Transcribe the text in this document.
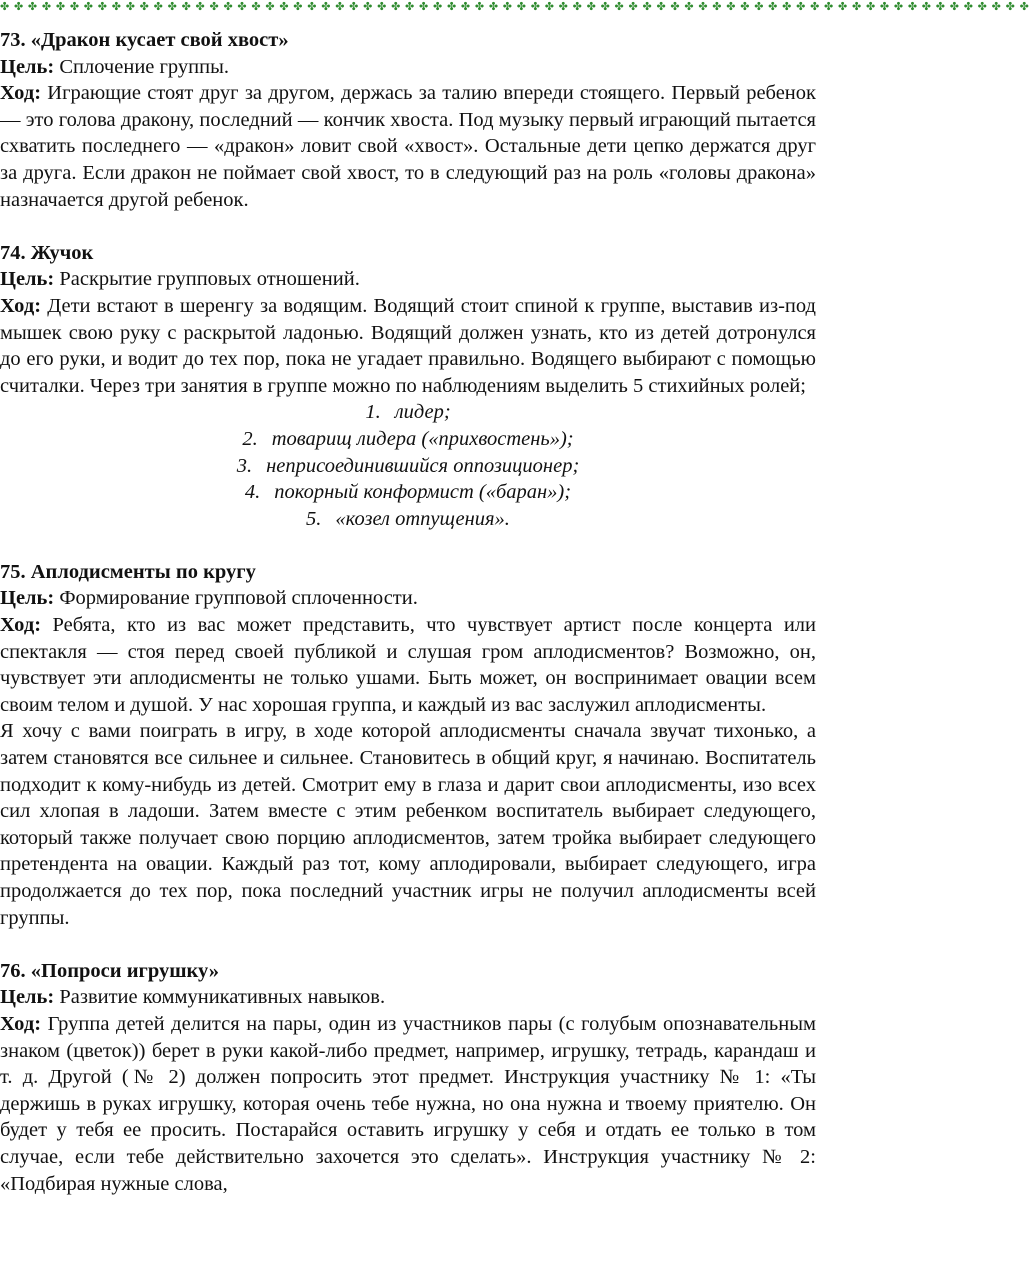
✤ ✤ ✤ ✤ ✤ ✤ ✤ ✤ ✤ ✤ ✤ ✤ ✤ ✤ ✤ ✤ ✤ ✤ ✤ ✤ ✤ ✤ ✤ ✤ ✤ ✤ ✤ ✤ ✤ ✤ ✤ ✤ ✤ ✤ ✤ ✤ ✤ ✤ ✤ ✤ ✤ ✤ ✤ ✤ ✤ ✤ ✤ ✤ ✤ ✤ ✤ ✤ ✤ ✤ ✤ ✤ ✤ ✤ ✤ ✤ ✤ ✤ ✤ ✤ ✤ ✤ ✤ ✤ ✤ ✤ ✤ ✤ ✤ ✤
73. «Дракон кусает свой хвост»

Цель: Сплочение группы.

Ход: Играющие стоят друг за другом, держась за талию впереди стоящего. Первый ребенок — это голова дракону, последний — кончик хвоста. Под музыку первый играющий пытается схватить последнего — «дракон» ловит свой «хвост». Остальные дети цепко держатся друг за друга. Если дракон не поймает свой хвост, то в следующий раз на роль «головы дракона» назначается другой ребенок.

74. Жучок

Цель: Раскрытие групповых отношений.

Ход: Дети встают в шеренгу за водящим. Водящий стоит спиной к группе, выставив из-под мышек свою руку с раскрытой ладонью. Водящий должен узнать, кто из детей дотронулся до его руки, и водит до тех пор, пока не угадает правильно. Водящего выбирают с помощью считалки. Через три занятия в группе можно по наблюдениям выделить 5 стихийных ролей;

1. лидер;
2. товарищ лидера («прихвостень»);
3. неприсоединившийся оппозиционер;
4. покорный конформист («баран»);
5. «козел отпущения».
75. Аплодисменты по кругу

Цель: Формирование групповой сплоченности.

Ход: Ребята, кто из вас может представить, что чувствует артист после концерта или спектакля — стоя перед своей публикой и слушая гром аплодисментов? Возможно, он, чувствует эти аплодисменты не только ушами. Быть может, он воспринимает овации всем своим телом и душой. У нас хорошая группа, и каждый из вас заслужил аплодисменты.

Я хочу с вами поиграть в игру, в ходе которой аплодисменты сначала звучат тихонько, а затем становятся все сильнее и сильнее. Становитесь в общий круг, я начинаю. Воспитатель подходит к кому-нибудь из детей. Смотрит ему в глаза и дарит свои аплодисменты, изо всех сил хлопая в ладоши. Затем вместе с этим ребенком воспитатель выбирает следующего, который также получает свою порцию аплодисментов, затем тройка выбирает следующего претендента на овации. Каждый раз тот, кому аплодировали, выбирает следующего, игра продолжается до тех пор, пока последний участник игры не получил аплодисменты всей группы.

76. «Попроси игрушку»

Цель: Развитие коммуникативных навыков.

Ход: Группа детей делится на пары, один из участников пары (с голубым опознавательным знаком (цветок)) берет в руки какой-либо предмет, например, игрушку, тетрадь, карандаш и т. д. Другой (№ 2) должен попросить этот предмет. Инструкция участнику № 1: «Ты держишь в руках игрушку, которая очень тебе нужна, но она нужна и твоему приятелю. Он будет у тебя ее просить. Постарайся оставить игрушку у себя и отдать ее только в том случае, если тебе действительно захочется это сделать». Инструкция участнику № 2: «Подбирая нужные слова,
